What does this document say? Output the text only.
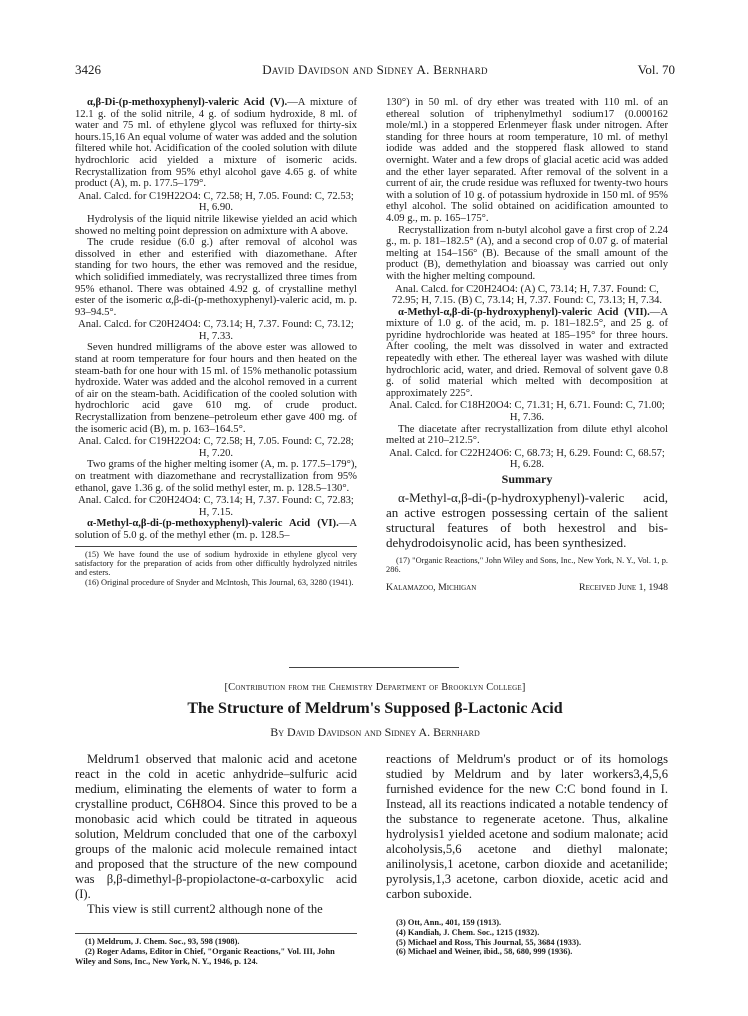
3426	David Davidson and Sidney A. Bernhard	Vol. 70

α,β-Di-(p-methoxyphenyl)-valeric Acid (V).—A mixture of 12.1 g. of the solid nitrile, 4 g. of sodium hydroxide, 8 ml. of water and 75 ml. of ethylene glycol was refluxed for thirty-six hours.15,16 An equal volume of water was added and the solution filtered while hot. Acidification of the cooled solution with dilute hydrochloric acid yielded a mixture of isomeric acids. Recrystallization from 95% ethyl alcohol gave 4.65 g. of white product (A), m. p. 177.5–179°.

Anal. Calcd. for C19H22O4: C, 72.58; H, 7.05. Found: C, 72.53; H, 6.90.

Hydrolysis of the liquid nitrile likewise yielded an acid which showed no melting point depression on admixture with A above.

The crude residue (6.0 g.) after removal of alcohol was dissolved in ether and esterified with diazomethane. After standing for two hours, the ether was removed and the residue, which solidified immediately, was recrystallized three times from 95% ethanol. There was obtained 4.92 g. of crystalline methyl ester of the isomeric α,β-di-(p-methoxyphenyl)-valeric acid, m. p. 93–94.5°.

Anal. Calcd. for C20H24O4: C, 73.14; H, 7.37. Found: C, 73.12; H, 7.33.

Seven hundred milligrams of the above ester was allowed to stand at room temperature for four hours and then heated on the steam-bath for one hour with 15 ml. of 15% methanolic potassium hydroxide. Water was added and the alcohol removed in a current of air on the steam-bath. Acidification of the cooled solution with hydrochloric acid gave 610 mg. of crude product. Recrystallization from benzene–petroleum ether gave 400 mg. of the isomeric acid (B), m. p. 163–164.5°.

Anal. Calcd. for C19H22O4: C, 72.58; H, 7.05. Found: C, 72.28; H, 7.20.

Two grams of the higher melting isomer (A, m. p. 177.5–179°), on treatment with diazomethane and recrystallization from 95% ethanol, gave 1.36 g. of the solid methyl ester, m. p. 128.5–130°.

Anal. Calcd. for C20H24O4: C, 73.14; H, 7.37. Found: C, 72.83; H, 7.15.

α-Methyl-α,β-di-(p-methoxyphenyl)-valeric Acid (VI).—A solution of 5.0 g. of the methyl ether (m. p. 128.5–

(15) We have found the use of sodium hydroxide in ethylene glycol very satisfactory for the preparation of acids from other difficultly hydrolyzed nitriles and esters.

(16) Original procedure of Snyder and McIntosh, This Journal, 63, 3280 (1941).

130°) in 50 ml. of dry ether was treated with 110 ml. of an ethereal solution of triphenylmethyl sodium17 (0.000162 mole/ml.) in a stoppered Erlenmeyer flask under nitrogen. After standing for three hours at room temperature, 10 ml. of methyl iodide was added and the stoppered flask allowed to stand overnight. Water and a few drops of glacial acetic acid was added and the ether layer separated. After removal of the solvent in a current of air, the crude residue was refluxed for twenty-two hours with a solution of 10 g. of potassium hydroxide in 150 ml. of 95% ethyl alcohol. The solid obtained on acidification amounted to 4.09 g., m. p. 165–175°.

Recrystallization from n-butyl alcohol gave a first crop of 2.24 g., m. p. 181–182.5° (A), and a second crop of 0.07 g. of material melting at 154–156° (B). Because of the small amount of the product (B), demethylation and bioassay was carried out only with the higher melting compound.

Anal. Calcd. for C20H24O4: (A) C, 73.14; H, 7.37. Found: C, 72.95; H, 7.15. (B) C, 73.14; H, 7.37. Found: C, 73.13; H, 7.34.

α-Methyl-α,β-di-(p-hydroxyphenyl)-valeric Acid (VII).—A mixture of 1.0 g. of the acid, m. p. 181–182.5°, and 25 g. of pyridine hydrochloride was heated at 185–195° for three hours. After cooling, the melt was dissolved in water and extracted repeatedly with ether. The ethereal layer was washed with dilute hydrochloric acid, water, and dried. Removal of solvent gave 0.8 g. of solid material which melted with decomposition at approximately 225°.

Anal. Calcd. for C18H20O4: C, 71.31; H, 6.71. Found: C, 71.00; H, 7.36.

The diacetate after recrystallization from dilute ethyl alcohol melted at 210–212.5°.

Anal. Calcd. for C22H24O6: C, 68.73; H, 6.29. Found: C, 68.57; H, 6.28.

Summary

α-Methyl-α,β-di-(p-hydroxyphenyl)-valeric acid, an active estrogen possessing certain of the salient structural features of both hexestrol and bis-dehydrodoisynolic acid, has been synthesized.

(17) "Organic Reactions," John Wiley and Sons, Inc., New York, N. Y., Vol. 1, p. 286.

Kalamazoo, Michigan	Received June 1, 1948
[Contribution from the Chemistry Department of Brooklyn College]
The Structure of Meldrum's Supposed β-Lactonic Acid
By David Davidson and Sidney A. Bernhard

Meldrum1 observed that malonic acid and acetone react in the cold in acetic anhydride–sulfuric acid medium, eliminating the elements of water to form a crystalline product, C6H8O4. Since this proved to be a monobasic acid which could be titrated in aqueous solution, Meldrum concluded that one of the carboxyl groups of the malonic acid molecule remained intact and proposed that the structure of the new compound was β,β-dimethyl-β-propiolactone-α-carboxylic acid (I).

This view is still current2 although none of the

(1) Meldrum, J. Chem. Soc., 93, 598 (1908).

(2) Roger Adams, Editor in Chief, "Organic Reactions," Vol. III, John Wiley and Sons, Inc., New York, N. Y., 1946, p. 124.

reactions of Meldrum's product or of its homologs studied by Meldrum and by later workers3,4,5,6 furnished evidence for the new C:C bond found in I. Instead, all its reactions indicated a notable tendency of the substance to regenerate acetone. Thus, alkaline hydrolysis1 yielded acetone and sodium malonate; acid alcoholysis,5,6 acetone and diethyl malonate; anilinolysis,1 acetone, carbon dioxide and acetanilide; pyrolysis,1,3 acetone, carbon dioxide, acetic acid and carbon suboxide.

(3) Ott, Ann., 401, 159 (1913).

(4) Kandiah, J. Chem. Soc., 1215 (1932).

(5) Michael and Ross, This Journal, 55, 3684 (1933).

(6) Michael and Weiner, ibid., 58, 680, 999 (1936).
